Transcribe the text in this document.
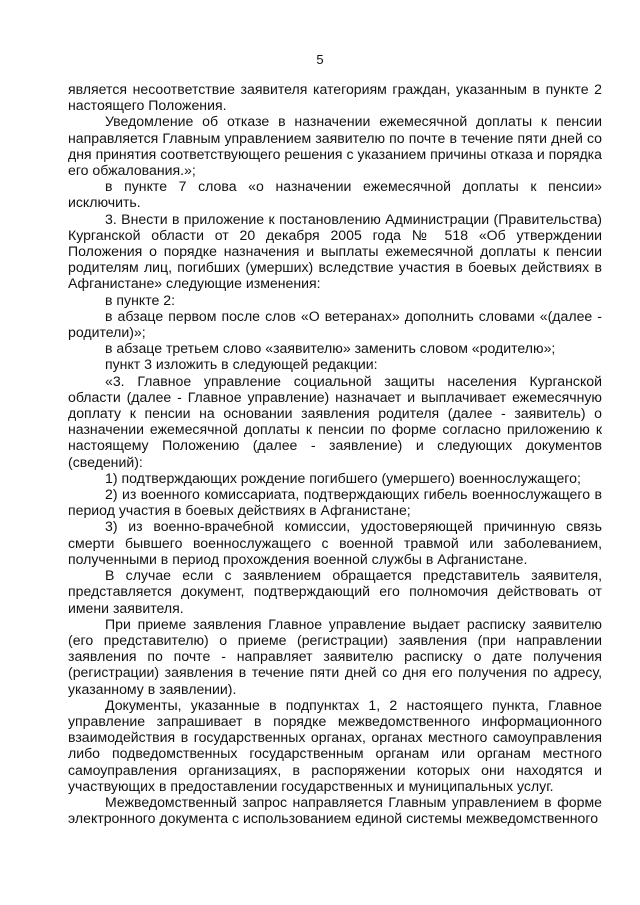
5

является несоответствие заявителя категориям граждан, указанным в пункте 2 настоящего Положения.

Уведомление об отказе в назначении ежемесячной доплаты к пенсии направляется Главным управлением заявителю по почте в течение пяти дней со дня принятия соответствующего решения с указанием причины отказа и порядка его обжалования.»;

в пункте 7 слова «о назначении ежемесячной доплаты к пенсии» исключить.

3. Внести в приложение к постановлению Администрации (Правительства) Курганской области от 20 декабря 2005 года № 518 «Об утверждении Положения о порядке назначения и выплаты ежемесячной доплаты к пенсии родителям лиц, погибших (умерших) вследствие участия в боевых действиях в Афганистане» следующие изменения:

в пункте 2:

в абзаце первом после слов «О ветеранах» дополнить словами «(далее - родители)»;

в абзаце третьем слово «заявителю» заменить словом «родителю»;

пункт 3 изложить в следующей редакции:

«3. Главное управление социальной защиты населения Курганской области (далее - Главное управление) назначает и выплачивает ежемесячную доплату к пенсии на основании заявления родителя (далее - заявитель) о назначении ежемесячной доплаты к пенсии по форме согласно приложению к настоящему Положению (далее - заявление) и следующих документов (сведений):

1) подтверждающих рождение погибшего (умершего) военнослужащего;

2) из военного комиссариата, подтверждающих гибель военнослужащего в период участия в боевых действиях в Афганистане;

3) из военно-врачебной комиссии, удостоверяющей причинную связь смерти бывшего военнослужащего с военной травмой или заболеванием, полученными в период прохождения военной службы в Афганистане.

В случае если с заявлением обращается представитель заявителя, представляется документ, подтверждающий его полномочия действовать от имени заявителя.

При приеме заявления Главное управление выдает расписку заявителю (его представителю) о приеме (регистрации) заявления (при направлении заявления по почте - направляет заявителю расписку о дате получения (регистрации) заявления в течение пяти дней со дня его получения по адресу, указанному в заявлении).

Документы, указанные в подпунктах 1, 2 настоящего пункта, Главное управление запрашивает в порядке межведомственного информационного взаимодействия в государственных органах, органах местного самоуправления либо подведомственных государственным органам или органам местного самоуправления организациях, в распоряжении которых они находятся и участвующих в предоставлении государственных и муниципальных услуг.

Межведомственный запрос направляется Главным управлением в форме электронного документа с использованием единой системы межведомственного
